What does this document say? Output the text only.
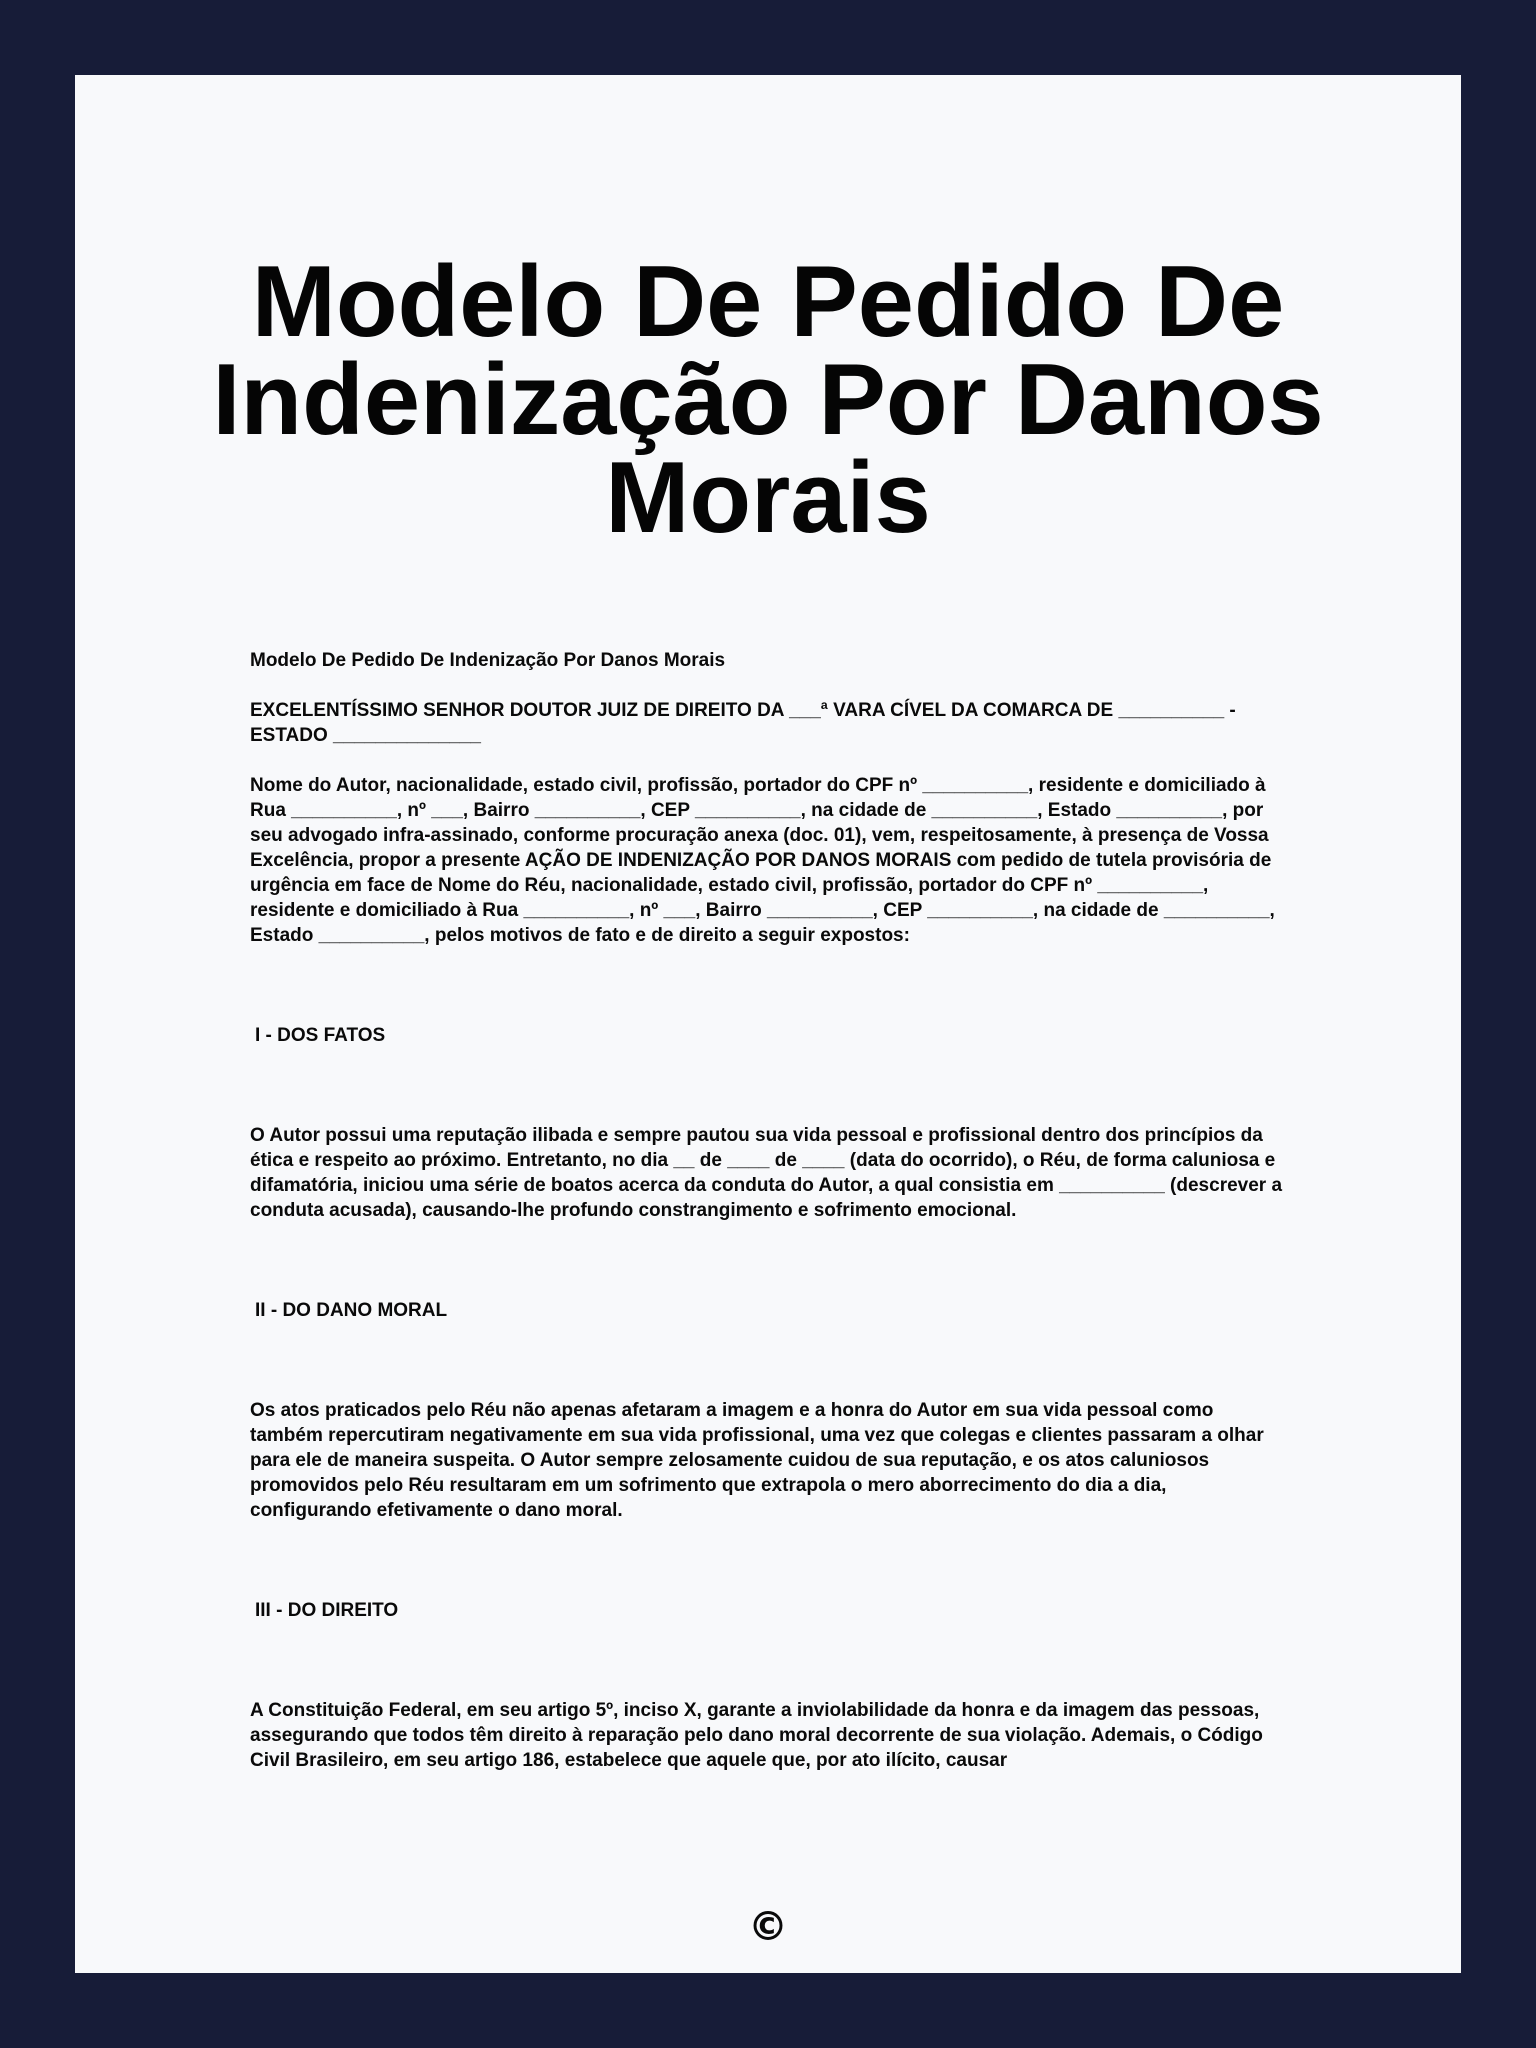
Modelo De Pedido De Indenização Por Danos Morais

Modelo De Pedido De Indenização Por Danos Morais

EXCELENTÍSSIMO SENHOR DOUTOR JUIZ DE DIREITO DA ___ª VARA CÍVEL DA COMARCA DE __________ - ESTADO ______________

Nome do Autor, nacionalidade, estado civil, profissão, portador do CPF nº __________, residente e domiciliado à Rua __________, nº ___, Bairro __________, CEP __________, na cidade de __________, Estado __________, por seu advogado infra-assinado, conforme procuração anexa (doc. 01), vem, respeitosamente, à presença de Vossa Excelência, propor a presente AÇÃO DE INDENIZAÇÃO POR DANOS MORAIS com pedido de tutela provisória de urgência em face de Nome do Réu, nacionalidade, estado civil, profissão, portador do CPF nº __________, residente e domiciliado à Rua __________, nº ___, Bairro __________, CEP __________, na cidade de __________, Estado __________, pelos motivos de fato e de direito a seguir expostos:

I - DOS FATOS

O Autor possui uma reputação ilibada e sempre pautou sua vida pessoal e profissional dentro dos princípios da ética e respeito ao próximo. Entretanto, no dia __ de ____ de ____ (data do ocorrido), o Réu, de forma caluniosa e difamatória, iniciou uma série de boatos acerca da conduta do Autor, a qual consistia em __________ (descrever a conduta acusada), causando-lhe profundo constrangimento e sofrimento emocional.

II - DO DANO MORAL

Os atos praticados pelo Réu não apenas afetaram a imagem e a honra do Autor em sua vida pessoal como também repercutiram negativamente em sua vida profissional, uma vez que colegas e clientes passaram a olhar para ele de maneira suspeita. O Autor sempre zelosamente cuidou de sua reputação, e os atos caluniosos promovidos pelo Réu resultaram em um sofrimento que extrapola o mero aborrecimento do dia a dia, configurando efetivamente o dano moral.

III - DO DIREITO

A Constituição Federal, em seu artigo 5º, inciso X, garante a inviolabilidade da honra e da imagem das pessoas, assegurando que todos têm direito à reparação pelo dano moral decorrente de sua violação. Ademais, o Código Civil Brasileiro, em seu artigo 186, estabelece que aquele que, por ato ilícito, causar

©
